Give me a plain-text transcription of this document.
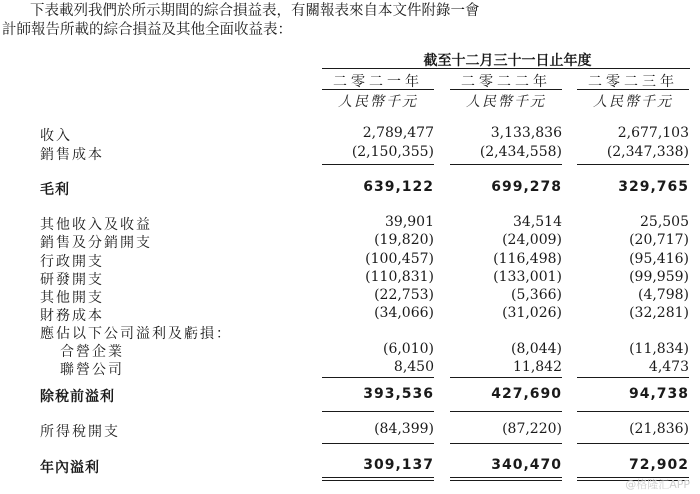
下表載列我們於所示期間的綜合損益表，有關報表來自本文件附錄一會
計師報告所載的綜合損益及其他全面收益表：
截至十二月三十一日止年度
二零二一年	二零二二年	二零二三年
人民幣千元	人民幣千元	人民幣千元
收入	2,789,477	3,133,836	2,677,103
銷售成本	(2,150,355)	(2,434,558)	(2,347,338)
毛利	639,122	699,278	329,765
其他收入及收益	39,901	34,514	25,505
銷售及分銷開支	(19,820)	(24,009)	(20,717)
行政開支	(100,457)	(116,498)	(95,416)
研發開支	(110,831)	(133,001)	(99,959)
其他開支	(22,753)	(5,366)	(4,798)
財務成本	(34,066)	(31,026)	(32,281)
應佔以下公司溢利及虧損：
合營企業	(6,010)	(8,044)	(11,834)
聯營公司	8,450	11,842	4,473
除稅前溢利	393,536	427,690	94,738
所得稅開支	(84,399)	(87,220)	(21,836)
年內溢利	309,137	340,470	72,902
@格隆汇APP
